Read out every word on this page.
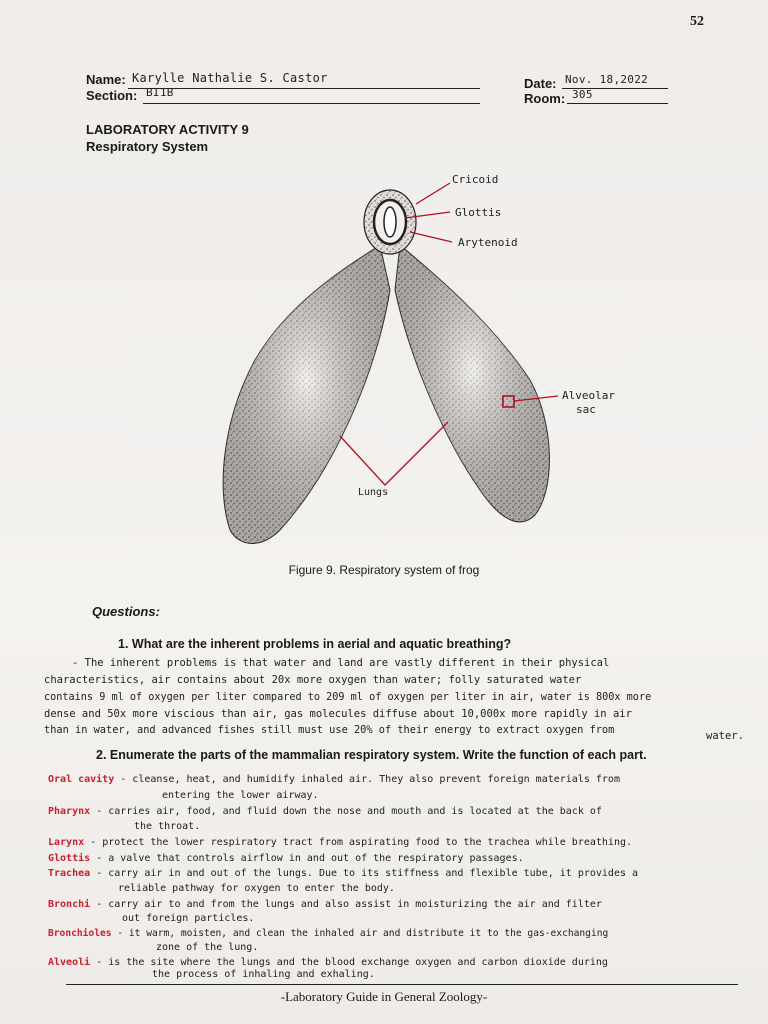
52
Name: Karylle Nathalie S. Castor
Section: BI1B
Date: Nov. 18,2022
Room: 305
LABORATORY ACTIVITY 9
Respiratory System
Cricoid
Glottis
Arytenoid
Alveolar
sac
Lungs
Figure 9. Respiratory system of frog
Questions:
1. What are the inherent problems in aerial and aquatic breathing?
- The inherent problems is that water and land are vastly different in their physical
characteristics, air contains about 20x more oxygen than water; folly saturated water
contains 9 ml of oxygen per liter compared to 209 ml of oxygen per liter in air, water is 800x more
dense and 50x more viscious than air, gas molecules diffuse about 10,000x more rapidly in air
than in water, and advanced fishes still must use 20% of their energy to extract oxygen from	water.
2. Enumerate the parts of the mammalian respiratory system. Write the function of each part.
Oral cavity - cleanse, heat, and humidify inhaled air. They also prevent foreign materials from
entering the lower airway.
Pharynx - carries air, food, and fluid down the nose and mouth and is located at the back of
the throat.
Larynx - protect the lower respiratory tract from aspirating food to the trachea while breathing.
Glottis - a valve that controls airflow in and out of the respiratory passages.
Trachea - carry air in and out of the lungs. Due to its stiffness and flexible tube, it provides a
reliable pathway for oxygen to enter the body.
Bronchi - carry air to and from the lungs and also assist in moisturizing the air and filter
out foreign particles.
Bronchioles - it warm, moisten, and clean the inhaled air and distribute it to the gas-exchanging
zone of the lung.
Alveoli - is the site where the lungs and the blood exchange oxygen and carbon dioxide during
the process of inhaling and exhaling.
-Laboratory Guide in General Zoology-
